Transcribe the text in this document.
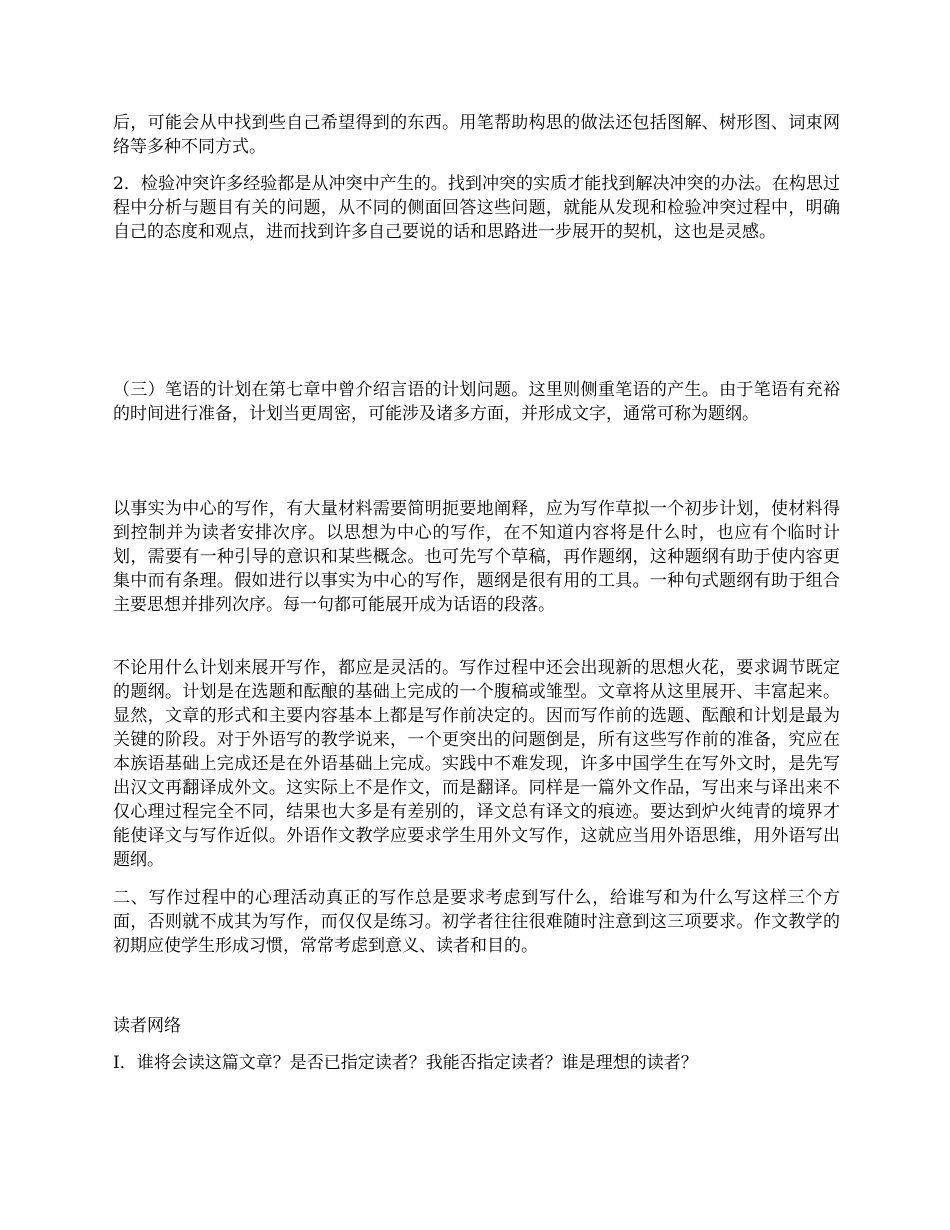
后，可能会从中找到些自己希望得到的东西。用笔帮助构思的做法还包括图解、树形图、词束网络等多种不同方式。

2．检验冲突许多经验都是从冲突中产生的。找到冲突的实质才能找到解决冲突的办法。在构思过程中分析与题目有关的问题，从不同的侧面回答这些问题，就能从发现和检验冲突过程中，明确自己的态度和观点，进而找到许多自己要说的话和思路进一步展开的契机，这也是灵感。

（三）笔语的计划在第七章中曾介绍言语的计划问题。这里则侧重笔语的产生。由于笔语有充裕的时间进行准备，计划当更周密，可能涉及诸多方面，并形成文字，通常可称为题纲。

以事实为中心的写作，有大量材料需要简明扼要地阐释，应为写作草拟一个初步计划，使材料得到控制并为读者安排次序。以思想为中心的写作，在不知道内容将是什么时，也应有个临时计划，需要有一种引导的意识和某些概念。也可先写个草稿，再作题纲，这种题纲有助于使内容更集中而有条理。假如进行以事实为中心的写作，题纲是很有用的工具。一种句式题纲有助于组合主要思想并排列次序。每一句都可能展开成为话语的段落。

不论用什么计划来展开写作，都应是灵活的。写作过程中还会出现新的思想火花，要求调节既定的题纲。计划是在选题和酝酿的基础上完成的一个腹稿或雏型。文章将从这里展开、丰富起来。显然，文章的形式和主要内容基本上都是写作前决定的。因而写作前的选题、酝酿和计划是最为关键的阶段。对于外语写的教学说来，一个更突出的问题倒是，所有这些写作前的准备，究应在本族语基础上完成还是在外语基础上完成。实践中不难发现，许多中国学生在写外文时，是先写出汉文再翻译成外文。这实际上不是作文，而是翻译。同样是一篇外文作品，写出来与译出来不仅心理过程完全不同，结果也大多是有差别的，译文总有译文的痕迹。要达到炉火纯青的境界才能使译文与写作近似。外语作文教学应要求学生用外文写作，这就应当用外语思维，用外语写出题纲。

二、写作过程中的心理活动真正的写作总是要求考虑到写什么，给谁写和为什么写这样三个方面，否则就不成其为写作，而仅仅是练习。初学者往往很难随时注意到这三项要求。作文教学的初期应使学生形成习惯，常常考虑到意义、读者和目的。

读者网络

I．谁将会读这篇文章？是否已指定读者？我能否指定读者？谁是理想的读者？
